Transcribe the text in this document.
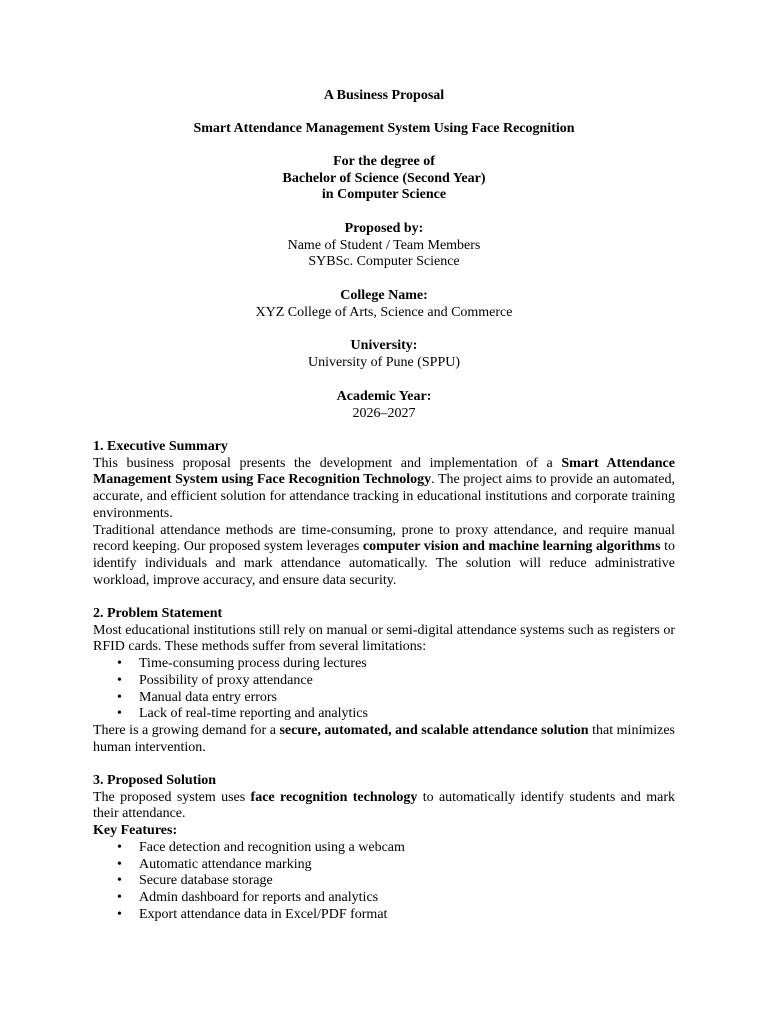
A Business Proposal
Smart Attendance Management System Using Face Recognition
For the degree of
Bachelor of Science (Second Year)
in Computer Science
Proposed by:
Name of Student / Team Members
SYBSc. Computer Science
College Name:
XYZ College of Arts, Science and Commerce
University:
University of Pune (SPPU)
Academic Year:
2026–2027
1. Executive Summary

This business proposal presents the development and implementation of a Smart Attendance Management System using Face Recognition Technology. The project aims to provide an automated, accurate, and efficient solution for attendance tracking in educational institutions and corporate training environments.

Traditional attendance methods are time-consuming, prone to proxy attendance, and require manual record keeping. Our proposed system leverages computer vision and machine learning algorithms to identify individuals and mark attendance automatically. The solution will reduce administrative workload, improve accuracy, and ensure data security.

2. Problem Statement

Most educational institutions still rely on manual or semi-digital attendance systems such as registers or RFID cards. These methods suffer from several limitations:

• Time-consuming process during lectures
• Possibility of proxy attendance
• Manual data entry errors
• Lack of real-time reporting and analytics

There is a growing demand for a secure, automated, and scalable attendance solution that minimizes human intervention.

3. Proposed Solution

The proposed system uses face recognition technology to automatically identify students and mark their attendance.

Key Features:
• Face detection and recognition using a webcam
• Automatic attendance marking
• Secure database storage
• Admin dashboard for reports and analytics
• Export attendance data in Excel/PDF format
